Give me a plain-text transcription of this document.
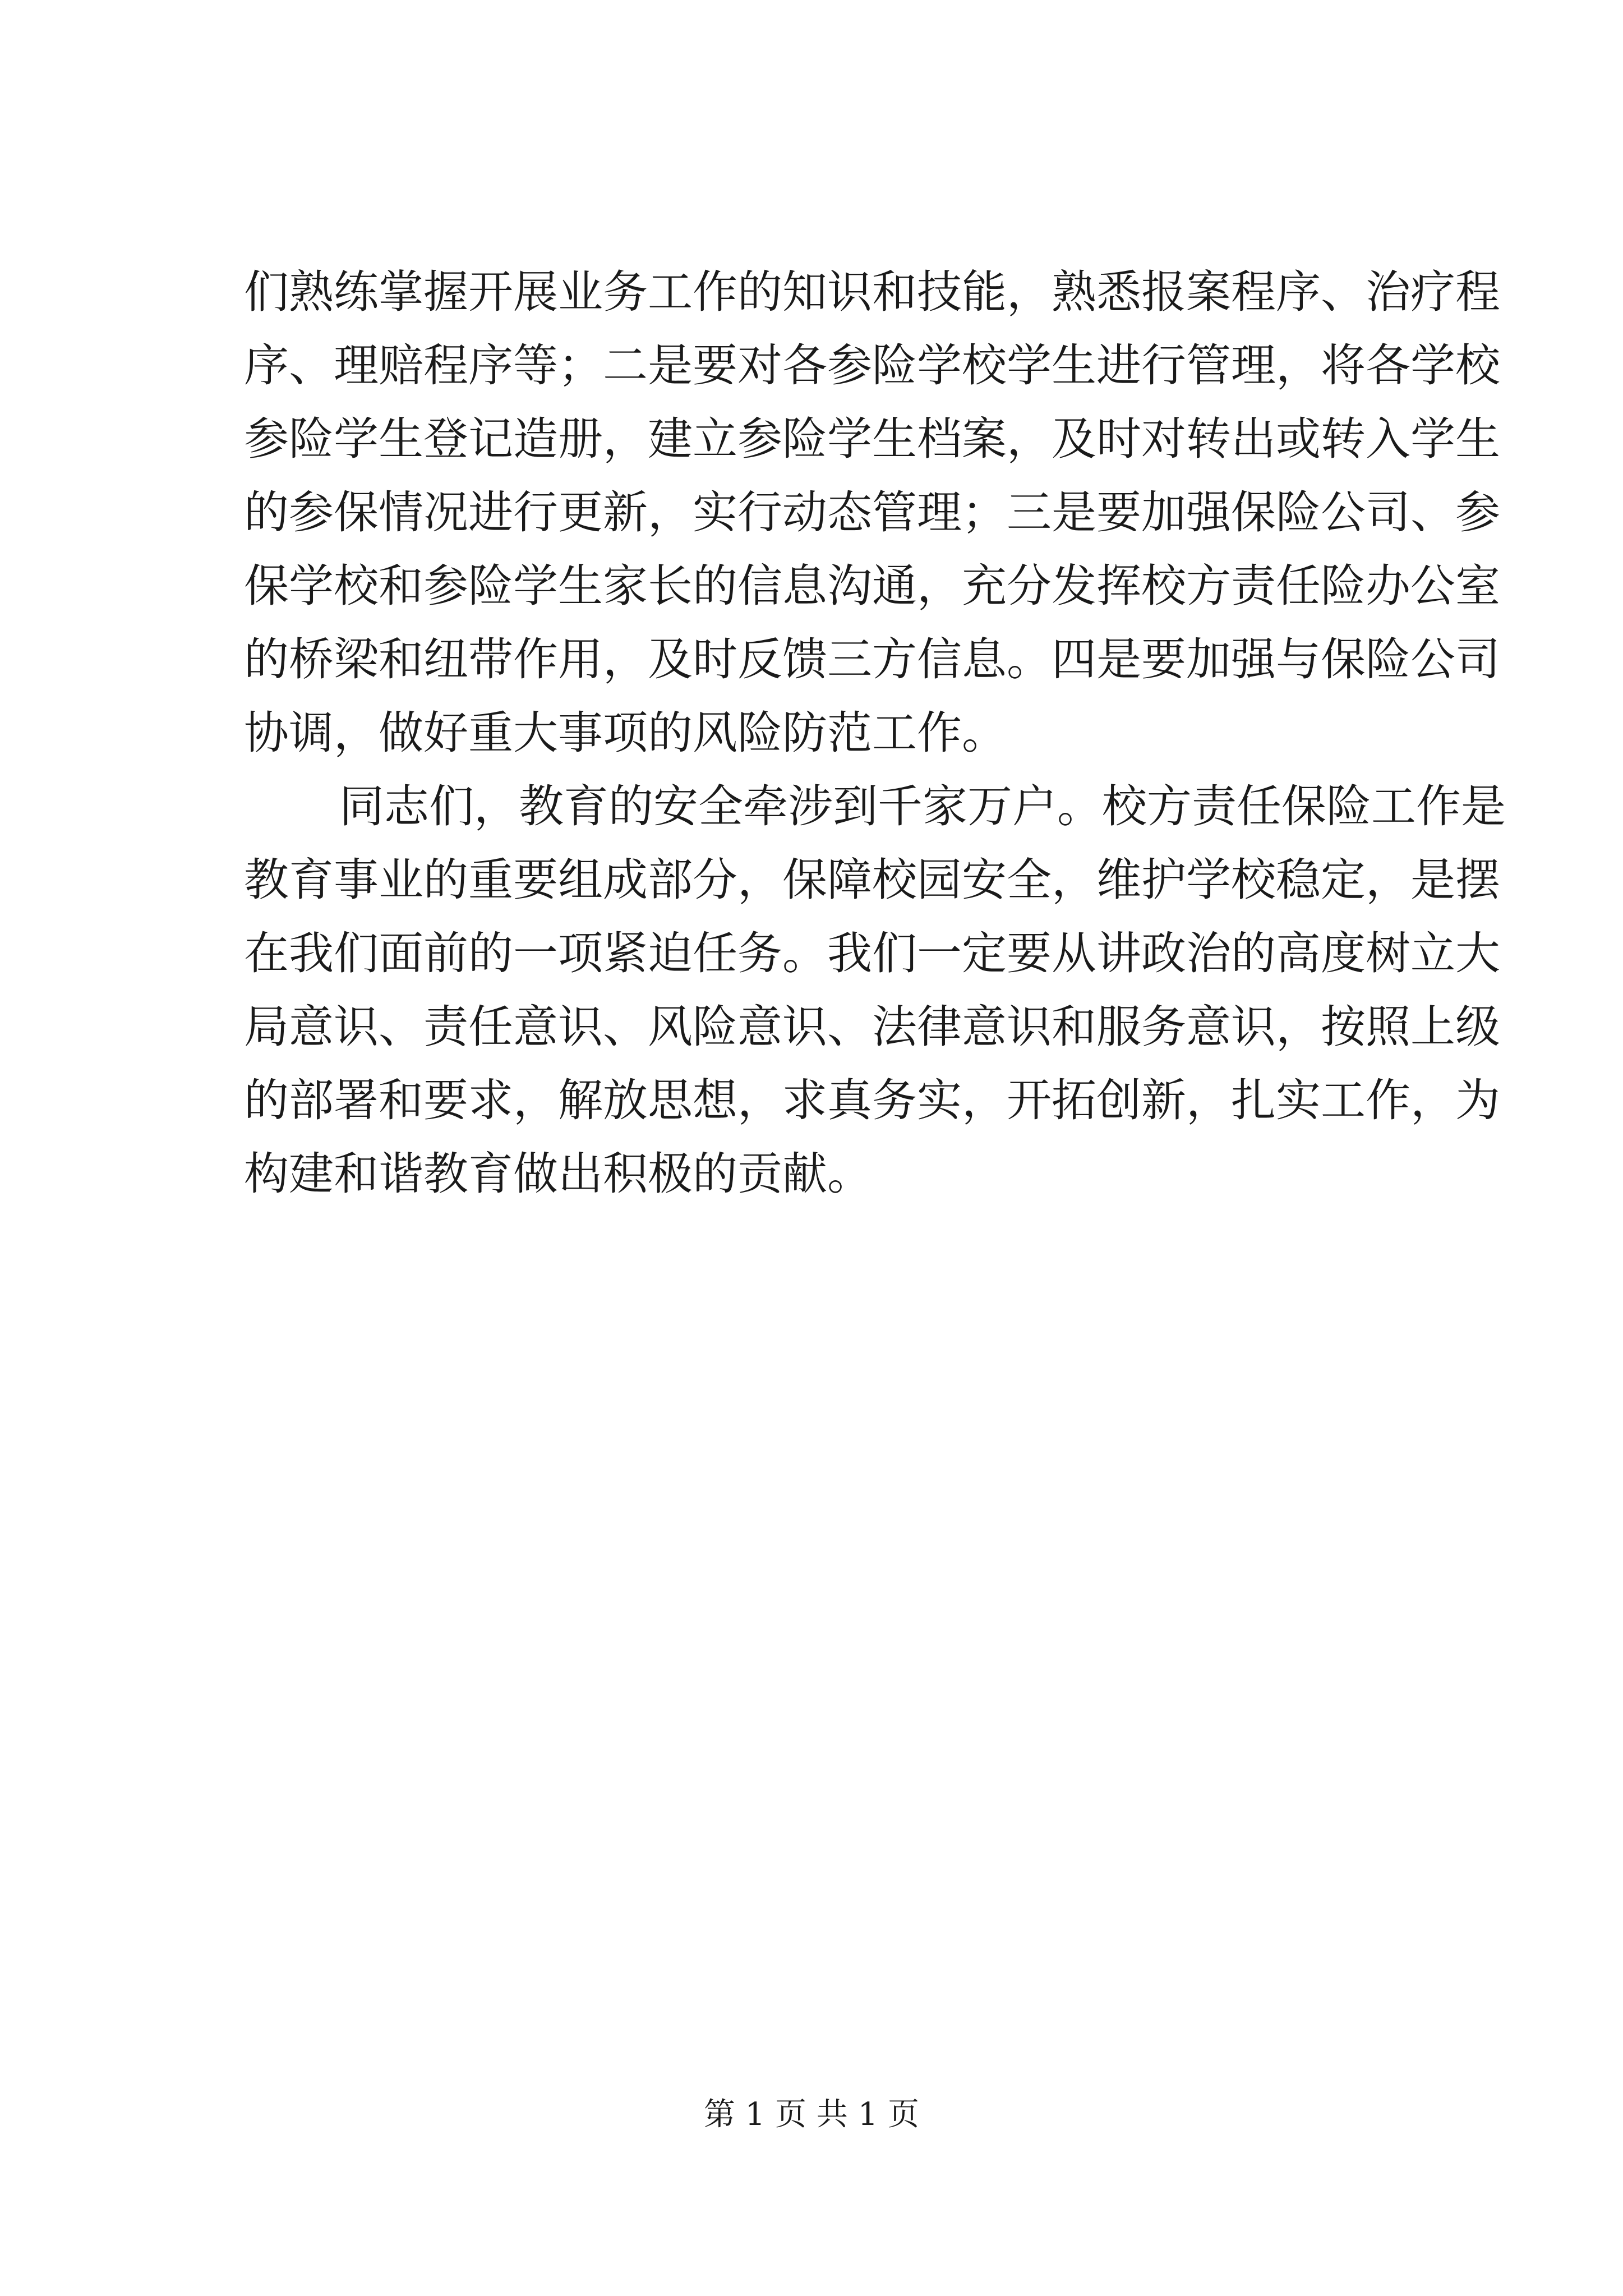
们熟练掌握开展业务工作的知识和技能，熟悉报案程序、治疗程
序、理赔程序等；二是要对各参险学校学生进行管理，将各学校
参险学生登记造册，建立参险学生档案，及时对转出或转入学生
的参保情况进行更新，实行动态管理；三是要加强保险公司、参
保学校和参险学生家长的信息沟通，充分发挥校方责任险办公室
的桥梁和纽带作用，及时反馈三方信息。四是要加强与保险公司
协调，做好重大事项的风险防范工作。
同志们，教育的安全牵涉到千家万户。校方责任保险工作是
教育事业的重要组成部分，保障校园安全，维护学校稳定，是摆
在我们面前的一项紧迫任务。我们一定要从讲政治的高度树立大
局意识、责任意识、风险意识、法律意识和服务意识，按照上级
的部署和要求，解放思想，求真务实，开拓创新，扎实工作，为
构建和谐教育做出积极的贡献。
第 1 页 共 1 页
